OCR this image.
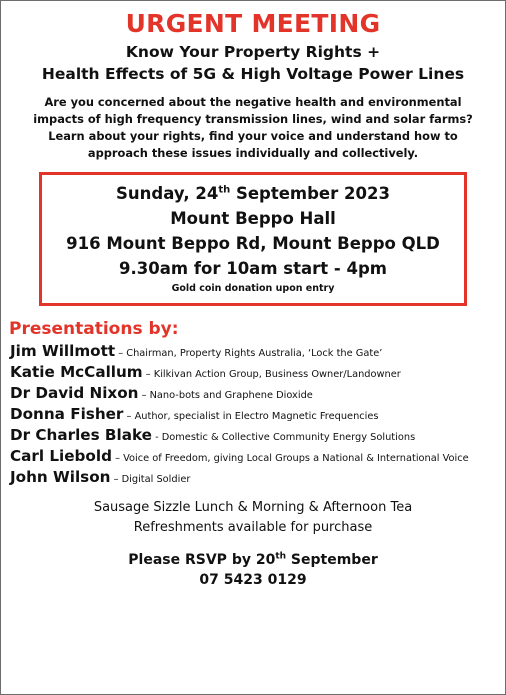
URGENT MEETING

Know Your Property Rights +

Health Effects of 5G & High Voltage Power Lines

Are you concerned about the negative health and environmental
impacts of high frequency transmission lines, wind and solar farms?
Learn about your rights, find your voice and understand how to
approach these issues individually and collectively.

Sunday, 24th September 2023

Mount Beppo Hall

916 Mount Beppo Rd, Mount Beppo QLD

9.30am for 10am start - 4pm

Gold coin donation upon entry

Presentations by:
Jim Willmott – Chairman, Property Rights Australia, ‘Lock the Gate’
Katie McCallum – Kilkivan Action Group, Business Owner/Landowner
Dr David Nixon – Nano-bots and Graphene Dioxide
Donna Fisher – Author, specialist in Electro Magnetic Frequencies
Dr Charles Blake - Domestic & Collective Community Energy Solutions
Carl Liebold – Voice of Freedom, giving Local Groups a National & International Voice
John Wilson – Digital Soldier

Sausage Sizzle Lunch & Morning & Afternoon Tea

Refreshments available for purchase

Please RSVP by 20th September

07 5423 0129
